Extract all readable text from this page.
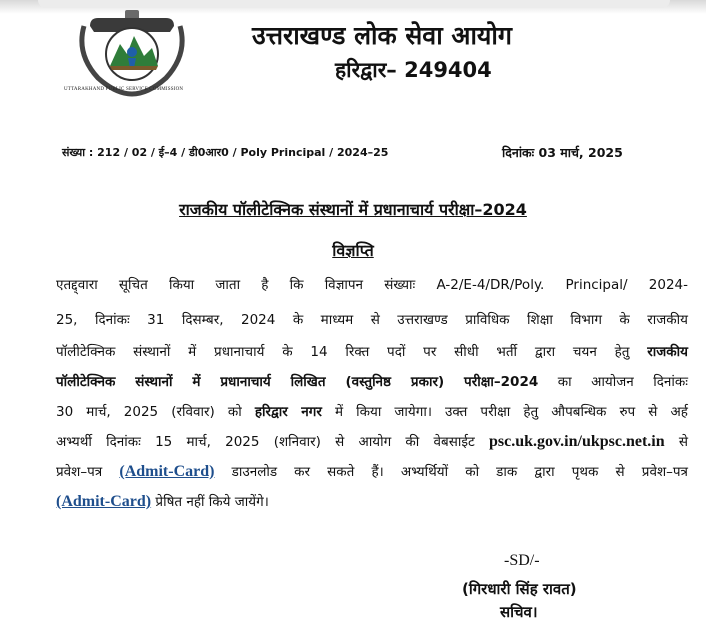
UTTARAKHAND PUBLIC SERVICE COMMISSION
उत्तराखण्ड लोक सेवा आयोग
हरिद्वार– 249404
संख्या : 212 / 02 / ई–4 / डी0आर0 / Poly Principal / 2024–25	दिनांकः 03 मार्च, 2025
राजकीय पॉलीटेक्निक संस्थानों में प्रधानाचार्य परीक्षा–2024
विज्ञप्ति
एतद्द्वारा सूचित किया जाता है कि विज्ञापन संख्याः A-2/E-4/DR/Poly. Principal/ 2024-
25, दिनांकः 31 दिसम्बर, 2024 के माध्यम से उत्तराखण्ड प्राविधिक शिक्षा विभाग के राजकीय
पॉलीटेक्निक संस्थानों में प्रधानाचार्य के 14 रिक्त पदों पर सीधी भर्ती द्वारा चयन हेतु राजकीय
पॉलीटेक्निक संस्थानों में प्रधानाचार्य लिखित (वस्तुनिष्ठ प्रकार) परीक्षा–2024 का आयोजन दिनांकः
30 मार्च, 2025 (रविवार) को हरिद्वार नगर में किया जायेगा। उक्त परीक्षा हेतु औपबन्धिक रुप से अर्ह
अभ्यर्थी दिनांकः 15 मार्च, 2025 (शनिवार) से आयोग की वेबसाईट psc.uk.gov.in/ukpsc.net.in से
प्रवेश–पत्र (Admit-Card) डाउनलोड कर सकते हैं। अभ्यर्थियों को डाक द्वारा पृथक से प्रवेश–पत्र
(Admit-Card) प्रेषित नहीं किये जायेंगे।
-SD/-
(गिरधारी सिंह रावत)
सचिव।
